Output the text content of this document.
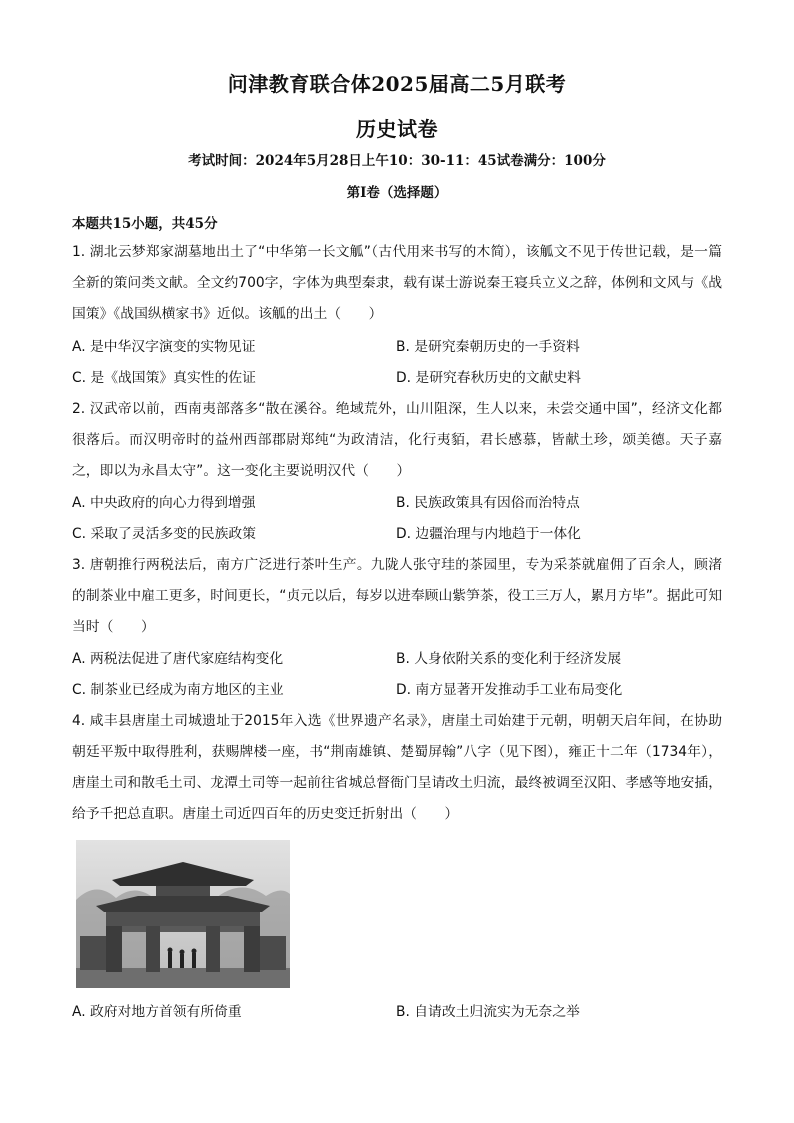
问津教育联合体2025届高二5月联考
历史试卷
考试时间：2024年5月28日上午10：30-11：45试卷满分：100分
第Ⅰ卷（选择题）
本题共15小题，共45分
1. 湖北云梦郑家湖墓地出土了“中华第一长文觚”（古代用来书写的木简），该觚文不见于传世记载，是一篇全新的策问类文献。全文约700字，字体为典型秦隶，载有谋士游说秦王寝兵立义之辞，体例和文风与《战国策》《战国纵横家书》近似。该觚的出土（　　）
A. 是中华汉字演变的实物见证	B. 是研究秦朝历史的一手资料
C. 是《战国策》真实性的佐证	D. 是研究春秋历史的文献史料
2. 汉武帝以前，西南夷部落多“散在溪谷。绝域荒外，山川阻深，生人以来，未尝交通中国”，经济文化都很落后。而汉明帝时的益州西部郡尉郑纯“为政清洁，化行夷貊，君长感慕，皆献土珍，颂美德。天子嘉之，即以为永昌太守”。这一变化主要说明汉代（　　）
A. 中央政府的向心力得到增强	B. 民族政策具有因俗而治特点
C. 采取了灵活多变的民族政策	D. 边疆治理与内地趋于一体化
3. 唐朝推行两税法后，南方广泛进行茶叶生产。九陇人张守珪的茶园里，专为采茶就雇佣了百余人，顾渚的制茶业中雇工更多，时间更长，“贞元以后，每岁以进奉顾山紫笋茶，役工三万人，累月方毕”。据此可知当时（　　）
A. 两税法促进了唐代家庭结构变化	B. 人身依附关系的变化利于经济发展
C. 制茶业已经成为南方地区的主业	D. 南方显著开发推动手工业布局变化
4. 咸丰县唐崖土司城遗址于2015年入选《世界遗产名录》，唐崖土司始建于元朝，明朝天启年间，在协助朝廷平叛中取得胜利，获赐牌楼一座，书“荆南雄镇、楚蜀屏翰”八字（见下图），雍正十二年（1734年），唐崖土司和散毛土司、龙潭土司等一起前往省城总督衙门呈请改土归流，最终被调至汉阳、孝感等地安插，给予千把总直职。唐崖土司近四百年的历史变迁折射出（　　）
A. 政府对地方首领有所倚重	B. 自请改土归流实为无奈之举
